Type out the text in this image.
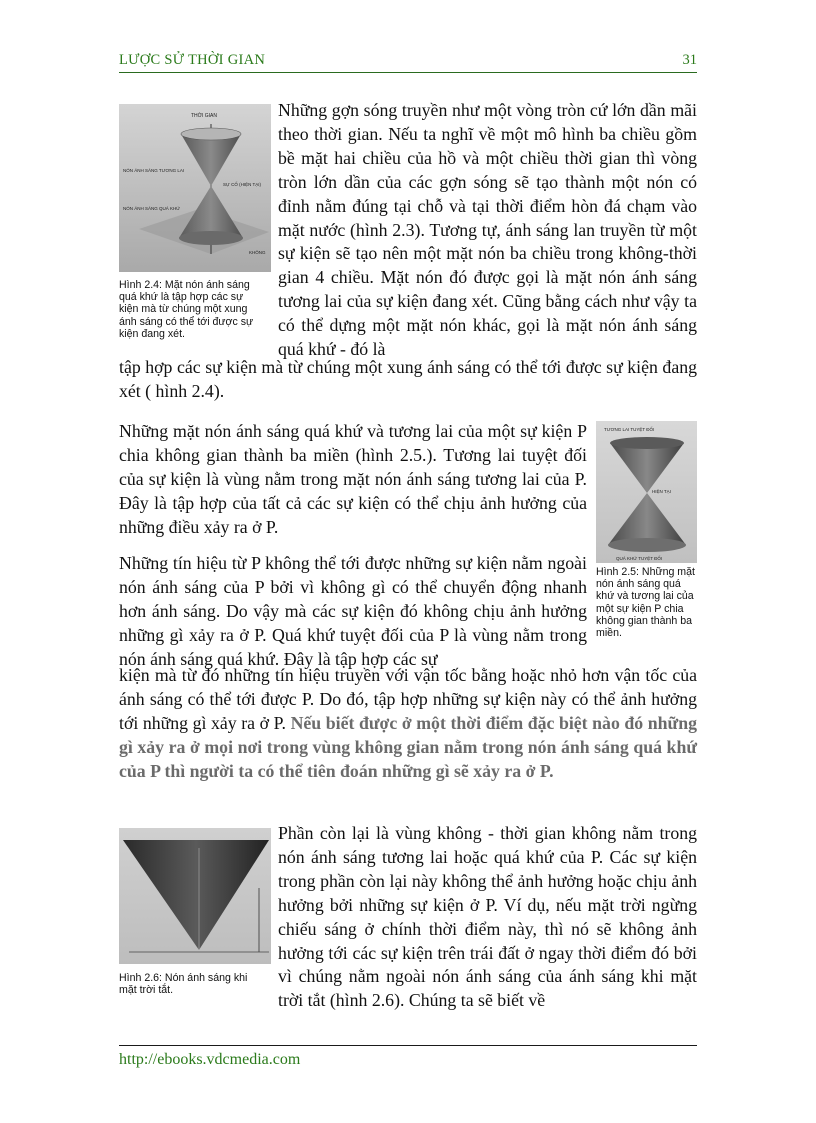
LƯỢC SỬ THỜI GIAN	31
THỜI GIAN
NÓN ÁNH SÁNG TƯƠNG LAI
SỰ CỐ (HIỆN TẠI)
NÓN ÁNH SÁNG QUÁ KHỨ
KHÔNG
Hình 2.4: Mặt nón ánh sáng quá khứ là tập hợp các sự kiện mà từ chúng một xung ánh sáng có thể tới được sự kiện đang xét.

Những gợn sóng truyền như một vòng tròn cứ lớn dần mãi theo thời gian. Nếu ta nghĩ về một mô hình ba chiều gồm bề mặt hai chiều của hồ và một chiều thời gian thì vòng tròn lớn dần của các gợn sóng sẽ tạo thành một nón có đỉnh nằm đúng tại chỗ và tại thời điểm hòn đá chạm vào mặt nước (hình 2.3). Tương tự, ánh sáng lan truyền từ một sự kiện sẽ tạo nên một mặt nón ba chiều trong không-thời gian 4 chiều. Mặt nón đó được gọi là mặt nón ánh sáng tương lai của sự kiện đang xét. Cũng bằng cách như vậy ta có thể dựng một mặt nón khác, gọi là mặt nón ánh sáng quá khứ - đó là

tập hợp các sự kiện mà từ chúng một xung ánh sáng có thể tới được sự kiện đang xét ( hình 2.4).

TƯƠNG LAI TUYỆT ĐỐI
HIỆN TẠI
QUÁ KHỨ TUYỆT ĐỐI
Hình 2.5: Những mặt nón ánh sáng quá khứ và tương lai của một sự kiện P chia không gian thành ba miền.

Những mặt nón ánh sáng quá khứ và tương lai của một sự kiện P chia không gian thành ba miền (hình 2.5.). Tương lai tuyệt đối của sự kiện là vùng nằm trong mặt nón ánh sáng tương lai của P. Đây là tập hợp của tất cả các sự kiện có thể chịu ảnh hưởng của những điều xảy ra ở P.

Những tín hiệu từ P không thể tới được những sự kiện nằm ngoài nón ánh sáng của P bởi vì không gì có thể chuyển động nhanh hơn ánh sáng. Do vậy mà các sự kiện đó không chịu ảnh hưởng những gì xảy ra ở P. Quá khứ tuyệt đối của P là vùng nằm trong nón ánh sáng quá khứ. Đây là tập hợp các sự

kiện mà từ đó những tín hiệu truyền với vận tốc bằng hoặc nhỏ hơn vận tốc của ánh sáng có thể tới được P. Do đó, tập hợp những sự kiện này có thể ảnh hưởng tới những gì xảy ra ở P. Nếu biết được ở một thời điểm đặc biệt nào đó những gì xảy ra ở mọi nơi trong vùng không gian nằm trong nón ánh sáng quá khứ của P thì người ta có thể tiên đoán những gì sẽ xảy ra ở P.

Hình 2.6: Nón ánh sáng khi mặt trời tắt.

Phần còn lại là vùng không - thời gian không nằm trong nón ánh sáng tương lai hoặc quá khứ của P. Các sự kiện trong phần còn lại này không thể ảnh hưởng hoặc chịu ảnh hưởng bởi những sự kiện ở P. Ví dụ, nếu mặt trời ngừng chiếu sáng ở chính thời điểm này, thì nó sẽ không ảnh hưởng tới các sự kiện trên trái đất ở ngay thời điểm đó bởi vì chúng nằm ngoài nón ánh sáng của ánh sáng khi mặt trời tắt (hình 2.6). Chúng ta sẽ biết về

http://ebooks.vdcmedia.com
